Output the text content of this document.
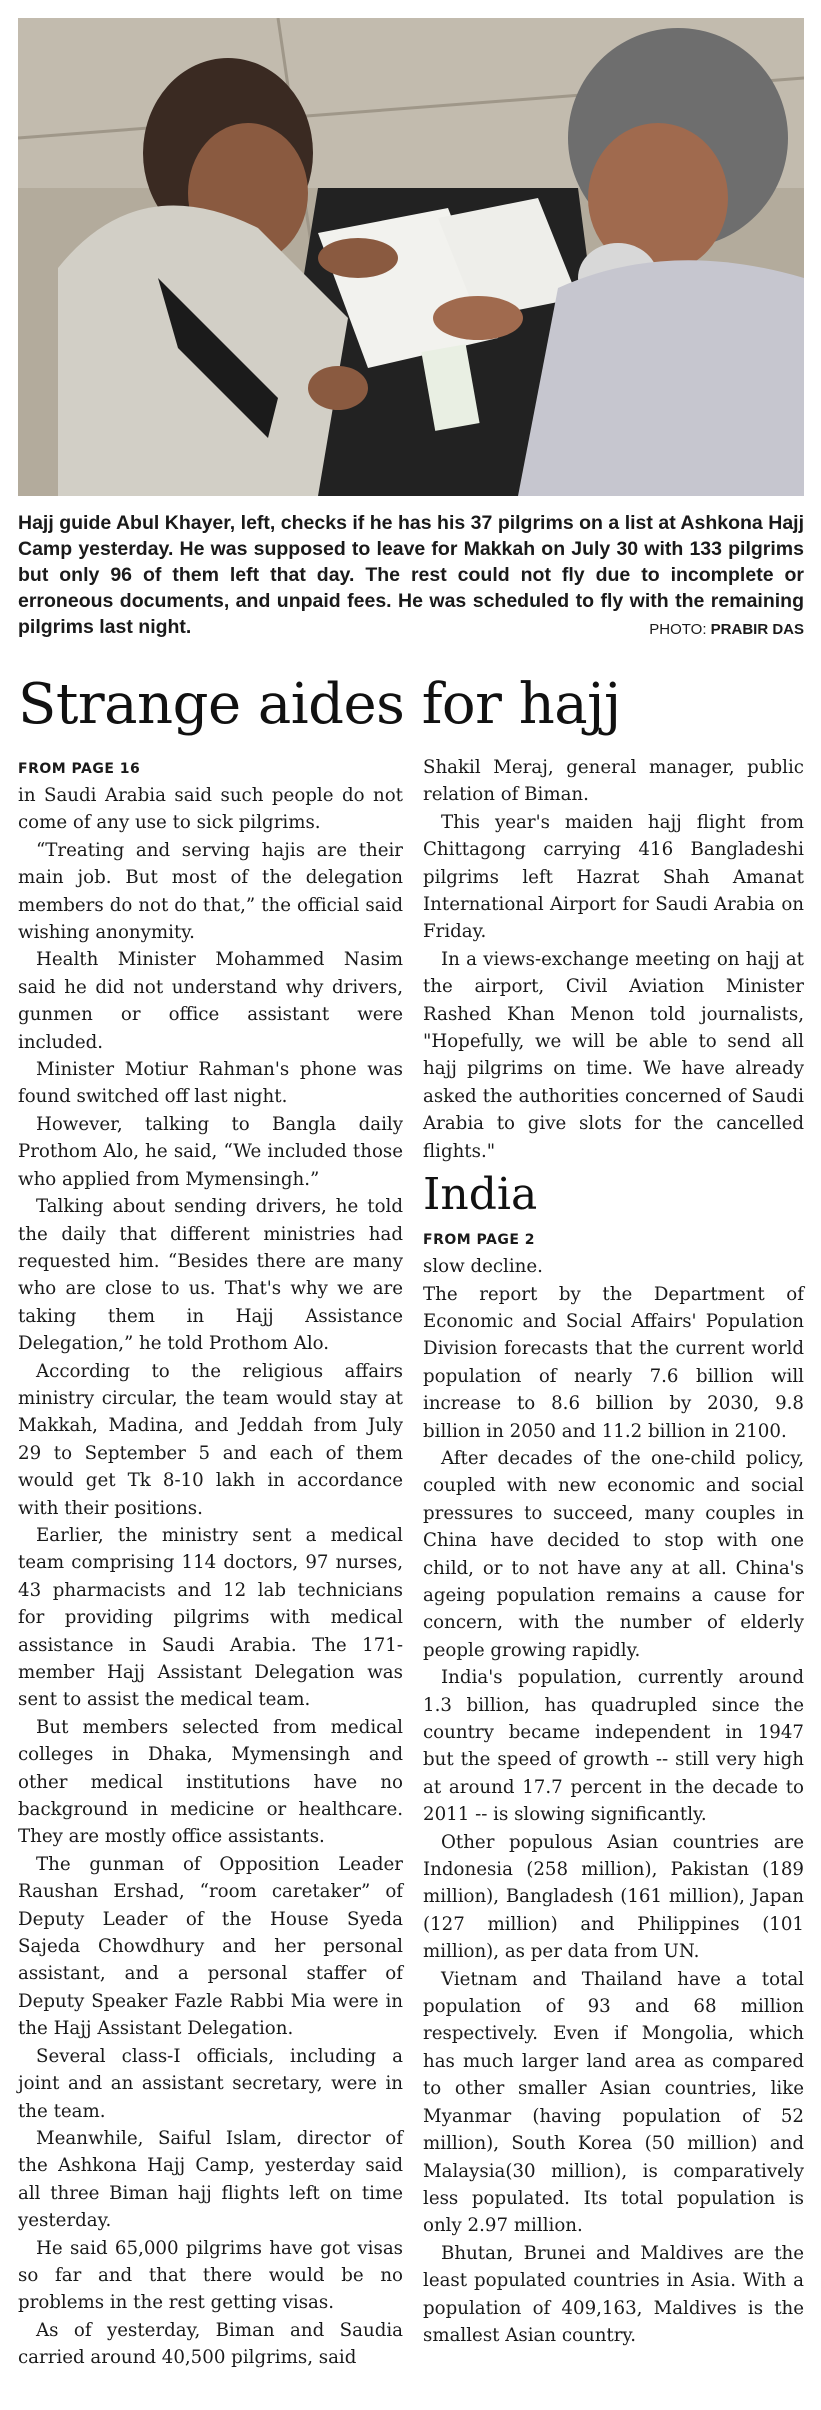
Hajj guide Abul Khayer, left, checks if he has his 37 pilgrims on a list at Ashkona Hajj Camp yesterday. He was supposed to leave for Makkah on July 30 with 133 pilgrims but only 96 of them left that day. The rest could not fly due to incomplete or erroneous documents, and unpaid fees. He was scheduled to fly with the remaining pilgrims last night.	PHOTO: PRABIR DAS
Strange aides for hajj
FROM PAGE 16

in Saudi Arabia said such people do not come of any use to sick pilgrims.

“Treating and serving hajis are their main job. But most of the delegation members do not do that,” the official said wishing anonymity.

Health Minister Mohammed Nasim said he did not understand why drivers, gunmen or office assistant were included.

Minister Motiur Rahman's phone was found switched off last night.

However, talking to Bangla daily Prothom Alo, he said, “We included those who applied from Mymensingh.”

Talking about sending drivers, he told the daily that different ministries had requested him. “Besides there are many who are close to us. That's why we are taking them in Hajj Assistance Delegation,” he told Prothom Alo.

According to the religious affairs ministry circular, the team would stay at Makkah, Madina, and Jeddah from July 29 to September 5 and each of them would get Tk 8-10 lakh in accordance with their positions.

Earlier, the ministry sent a medical team comprising 114 doctors, 97 nurses, 43 pharmacists and 12 lab technicians for providing pilgrims with medical assistance in Saudi Arabia. The 171-member Hajj Assistant Delegation was sent to assist the medical team.

But members selected from medical colleges in Dhaka, Mymensingh and other medical institutions have no background in medicine or healthcare. They are mostly office assistants.

The gunman of Opposition Leader Raushan Ershad, “room caretaker” of Deputy Leader of the House Syeda Sajeda Chowdhury and her personal assistant, and a personal staffer of Deputy Speaker Fazle Rabbi Mia were in the Hajj Assistant Delegation.

Several class-I officials, including a joint and an assistant secretary, were in the team.

Meanwhile, Saiful Islam, director of the Ashkona Hajj Camp, yesterday said all three Biman hajj flights left on time yesterday.

He said 65,000 pilgrims have got visas so far and that there would be no problems in the rest getting visas.

As of yesterday, Biman and Saudia carried around 40,500 pilgrims, said

Shakil Meraj, general manager, public relation of Biman.

This year's maiden hajj flight from Chittagong carrying 416 Bangladeshi pilgrims left Hazrat Shah Amanat International Airport for Saudi Arabia on Friday.

In a views-exchange meeting on hajj at the airport, Civil Aviation Minister Rashed Khan Menon told journalists, "Hopefully, we will be able to send all hajj pilgrims on time. We have already asked the authorities concerned of Saudi Arabia to give slots for the cancelled flights."

India
FROM PAGE 2

slow decline.

The report by the Department of Economic and Social Affairs' Population Division forecasts that the current world population of nearly 7.6 billion will increase to 8.6 billion by 2030, 9.8 billion in 2050 and 11.2 billion in 2100.

After decades of the one-child policy, coupled with new economic and social pressures to succeed, many couples in China have decided to stop with one child, or to not have any at all. China's ageing population remains a cause for concern, with the number of elderly people growing rapidly.

India's population, currently around 1.3 billion, has quadrupled since the country became independent in 1947 but the speed of growth -- still very high at around 17.7 percent in the decade to 2011 -- is slowing significantly.

Other populous Asian countries are Indonesia (258 million), Pakistan (189 million), Bangladesh (161 million), Japan (127 million) and Philippines (101 million), as per data from UN.

Vietnam and Thailand have a total population of 93 and 68 million respectively. Even if Mongolia, which has much larger land area as compared to other smaller Asian countries, like Myanmar (having population of 52 million), South Korea (50 million) and Malaysia(30 million), is comparatively less populated. Its total population is only 2.97 million.

Bhutan, Brunei and Maldives are the least populated countries in Asia. With a population of 409,163, Maldives is the smallest Asian country.
